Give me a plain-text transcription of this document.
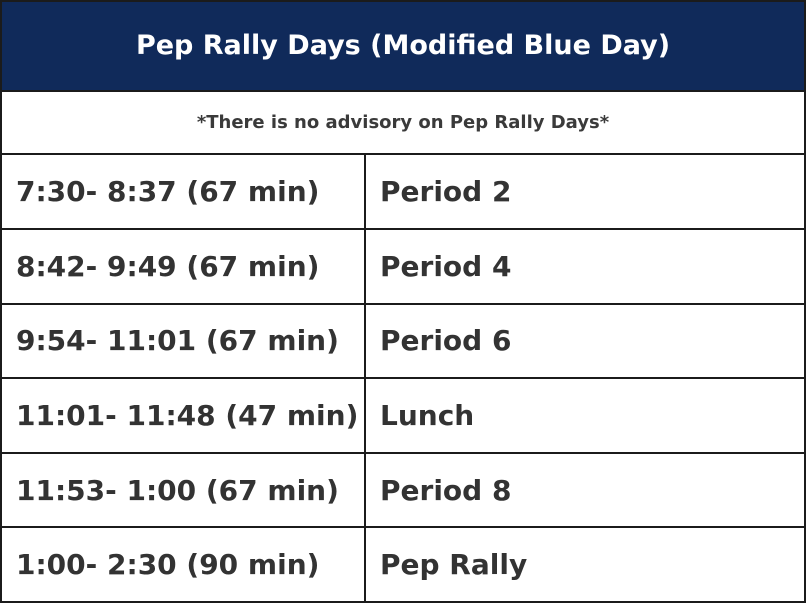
Pep Rally Days (Modified Blue Day)	
*There is no advisory on Pep Rally Days*	
7:30- 8:37 (67 min)	Period 2
8:42- 9:49 (67 min)	Period 4
9:54- 11:01 (67 min)	Period 6
11:01- 11:48 (47 min)	Lunch
11:53- 1:00 (67 min)	Period 8
1:00- 2:30 (90 min)	Pep Rally
